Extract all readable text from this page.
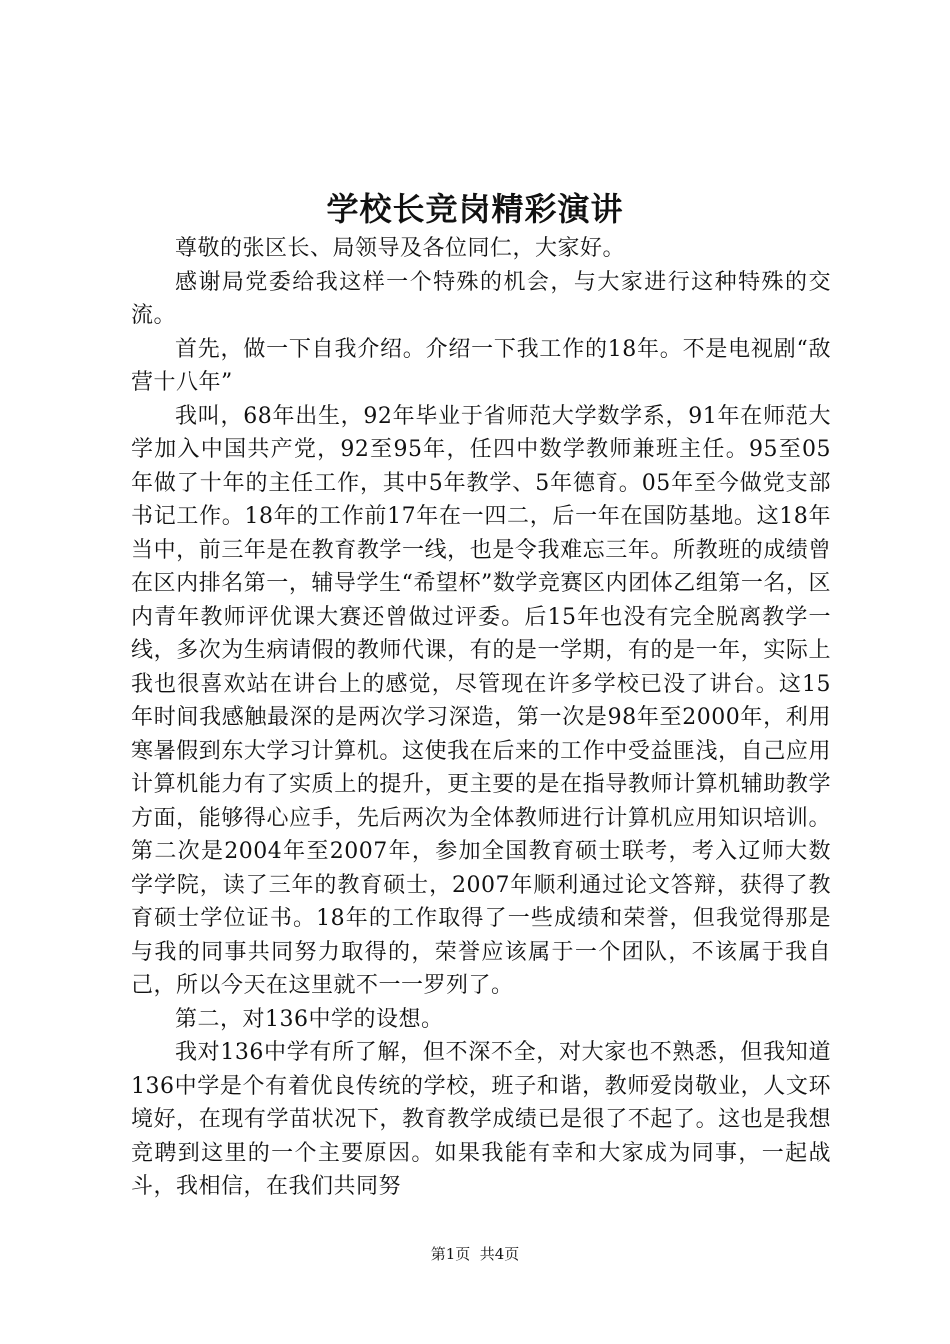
学校长竞岗精彩演讲

尊敬的张区长、局领导及各位同仁，大家好。

感谢局党委给我这样一个特殊的机会，与大家进行这种特殊的交流。

首先，做一下自我介绍。介绍一下我工作的18年。不是电视剧“敌营十八年”

我叫，68年出生，92年毕业于省师范大学数学系，91年在师范大学加入中国共产党，92至95年，任四中数学教师兼班主任。95至05年做了十年的主任工作，其中5年教学、5年德育。05年至今做党支部书记工作。18年的工作前17年在一四二，后一年在国防基地。这18年当中，前三年是在教育教学一线，也是令我难忘三年。所教班的成绩曾在区内排名第一，辅导学生“希望杯”数学竞赛区内团体乙组第一名，区内青年教师评优课大赛还曾做过评委。后15年也没有完全脱离教学一线，多次为生病请假的教师代课，有的是一学期，有的是一年，实际上我也很喜欢站在讲台上的感觉，尽管现在许多学校已没了讲台。这15年时间我感触最深的是两次学习深造，第一次是98年至2000年，利用寒暑假到东大学习计算机。这使我在后来的工作中受益匪浅，自己应用计算机能力有了实质上的提升，更主要的是在指导教师计算机辅助教学方面，能够得心应手，先后两次为全体教师进行计算机应用知识培训。第二次是2004年至2007年，参加全国教育硕士联考，考入辽师大数学学院，读了三年的教育硕士，2007年顺利通过论文答辩，获得了教育硕士学位证书。18年的工作取得了一些成绩和荣誉，但我觉得那是与我的同事共同努力取得的，荣誉应该属于一个团队，不该属于我自己，所以今天在这里就不一一罗列了。

第二，对136中学的设想。

我对136中学有所了解，但不深不全，对大家也不熟悉，但我知道136中学是个有着优良传统的学校，班子和谐，教师爱岗敬业，人文环境好，在现有学苗状况下，教育教学成绩已是很了不起了。这也是我想竞聘到这里的一个主要原因。如果我能有幸和大家成为同事，一起战斗，我相信，在我们共同努

第1页  共4页
